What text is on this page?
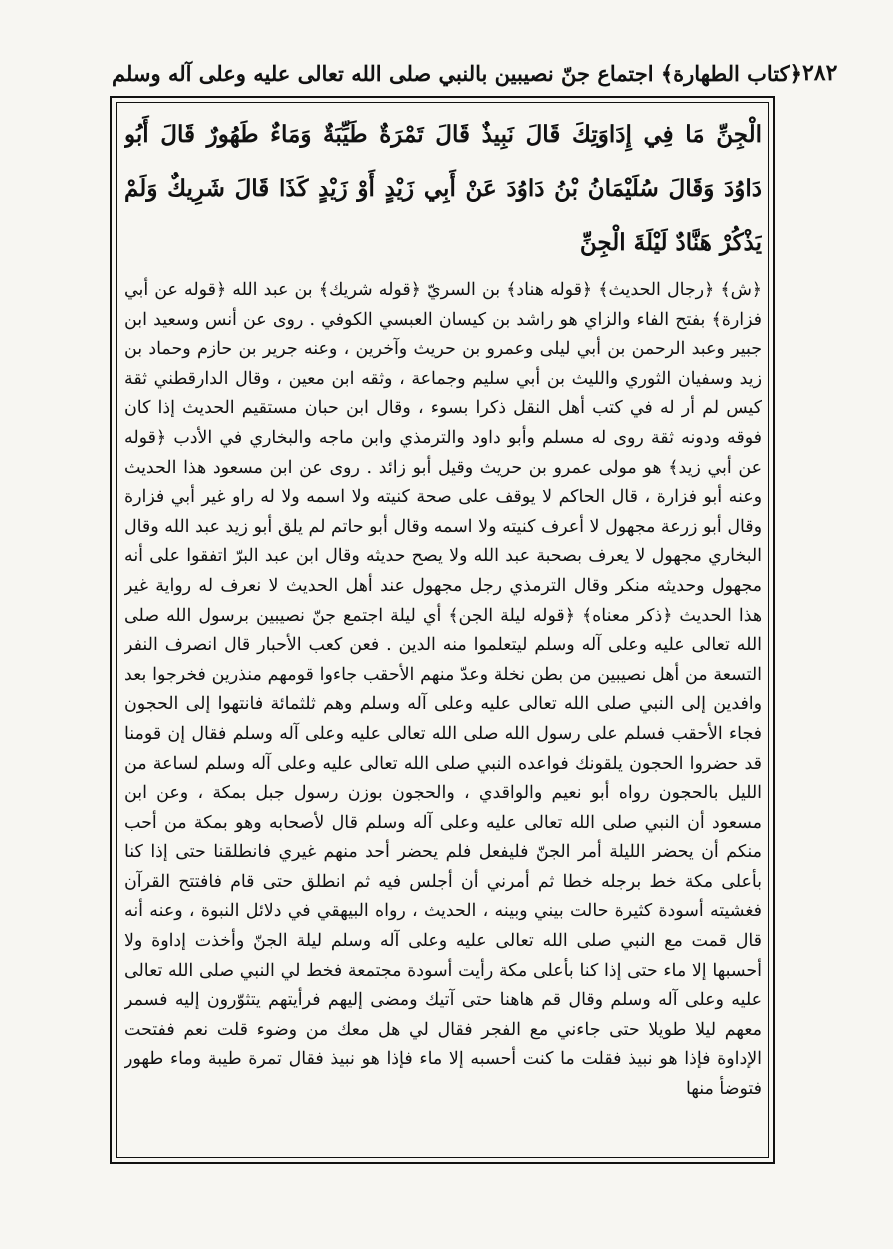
﴿كتاب الطهارة﴾ اجتماع جنّ نصيبين بالنبي صلى الله تعالى عليه وعلى آله وسلم ٢٨٢

الْجِنِّ مَا فِي إِدَاوَتِكَ قَالَ نَبِيذٌ قَالَ تَمْرَةٌ طَيِّبَةٌ وَمَاءٌ طَهُورٌ قَالَ أَبُو دَاوُدَ وَقَالَ سُلَيْمَانُ بْنُ دَاوُدَ عَنْ أَبِي زَيْدٍ أَوْ زَيْدٍ كَذَا قَالَ شَرِيكٌ وَلَمْ يَذْكُرْ هَنَّادٌ لَيْلَةَ الْجِنِّ

﴿ش﴾ ﴿رجال الحديث﴾ ﴿قوله هناد﴾ بن السريّ ﴿قوله شريك﴾ بن عبد الله ﴿قوله عن أبي فزارة﴾ بفتح الفاء والزاي هو راشد بن كيسان العبسي الكوفي . روى عن أنس وسعيد ابن جبير وعبد الرحمن بن أبي ليلى وعمرو بن حريث وآخرين ، وعنه جرير بن حازم وحماد بن زيد وسفيان الثوري والليث بن أبي سليم وجماعة ، وثقه ابن معين ، وقال الدارقطني ثقة كيس لم أر له في كتب أهل النقل ذكرا بسوء ، وقال ابن حبان مستقيم الحديث إذا كان فوقه ودونه ثقة روى له مسلم وأبو داود والترمذي وابن ماجه والبخاري في الأدب ﴿قوله عن أبي زيد﴾ هو مولى عمرو بن حريث وقيل أبو زائد . روى عن ابن مسعود هذا الحديث وعنه أبو فزارة ، قال الحاكم لا يوقف على صحة كنيته ولا اسمه ولا له راو غير أبي فزارة وقال أبو زرعة مجهول لا أعرف كنيته ولا اسمه وقال أبو حاتم لم يلق أبو زيد عبد الله وقال البخاري مجهول لا يعرف بصحبة عبد الله ولا يصح حديثه وقال ابن عبد البرّ اتفقوا على أنه مجهول وحديثه منكر وقال الترمذي رجل مجهول عند أهل الحديث لا نعرف له رواية غير هذا الحديث ﴿ذكر معناه﴾ ﴿قوله ليلة الجن﴾ أي ليلة اجتمع جنّ نصيبين برسول الله صلى الله تعالى عليه وعلى آله وسلم ليتعلموا منه الدين . فعن كعب الأحبار قال انصرف النفر التسعة من أهل نصيبين من بطن نخلة وعدّ منهم الأحقب جاءوا قومهم منذرين فخرجوا بعد وافدين إلى النبي صلى الله تعالى عليه وعلى آله وسلم وهم ثلثمائة فانتهوا إلى الحجون فجاء الأحقب فسلم على رسول الله صلى الله تعالى عليه وعلى آله وسلم فقال إن قومنا قد حضروا الحجون يلقونك فواعده النبي صلى الله تعالى عليه وعلى آله وسلم لساعة من الليل بالحجون رواه أبو نعيم والواقدي ، والحجون بوزن رسول جبل بمكة ، وعن ابن مسعود أن النبي صلى الله تعالى عليه وعلى آله وسلم قال لأصحابه وهو بمكة من أحب منكم أن يحضر الليلة أمر الجنّ فليفعل فلم يحضر أحد منهم غيري فانطلقنا حتى إذا كنا بأعلى مكة خط برجله خطا ثم أمرني أن أجلس فيه ثم انطلق حتى قام فافتتح القرآن فغشيته أسودة كثيرة حالت بيني وبينه ، الحديث ، رواه البيهقي في دلائل النبوة ، وعنه أنه قال قمت مع النبي صلى الله تعالى عليه وعلى آله وسلم ليلة الجنّ وأخذت إداوة ولا أحسبها إلا ماء حتى إذا كنا بأعلى مكة رأيت أسودة مجتمعة فخط لي النبي صلى الله تعالى عليه وعلى آله وسلم وقال قم هاهنا حتى آتيك ومضى إليهم فرأيتهم يتثوّرون إليه فسمر معهم ليلا طويلا حتى جاءني مع الفجر فقال لي هل معك من وضوء قلت نعم ففتحت الإداوة فإذا هو نبيذ فقلت ما كنت أحسبه إلا ماء فإذا هو نبيذ فقال تمرة طيبة وماء طهور فتوضأ منها
